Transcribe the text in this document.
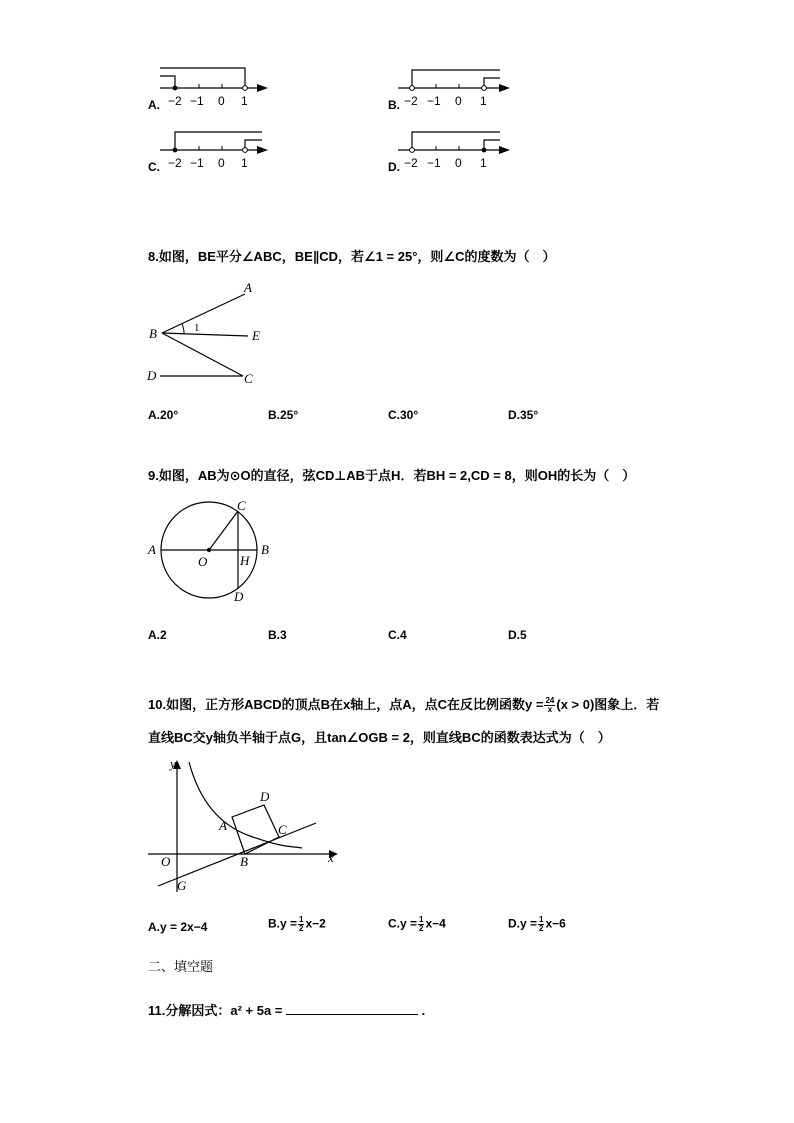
−2 −1 0 1
A.	−2 −1 0 1
B.
−2 −1 0 1
C.	−2 −1 0 1
D.
8.如图，BE平分∠ABC，BE∥CD，若∠1 = 25°，则∠C的度数为（　）
A
B	E
D	C
1
A.20°	B.25°	C.30°	D.35°
9.如图，AB为⊙O的直径，弦CD⊥AB于点H．若BH = 2,CD = 8，则OH的长为（　）
C
A	B
O	H
D
A.2	B.3	C.4	D.5
10.如图，正方形ABCD的顶点B在x轴上，点A，点C在反比例函数$y = \frac{24}{x} (x > 0)$图象上．若
直线BC交y轴负半轴于点G，且tan∠OGB = 2，则直线BC的函数表达式为（　）
y
x
O
A
B
C
D
G
A.y = 2x−4	$B.y = \frac{1}{2} x-2$	$C.y = \frac{1}{2} x-4$	$D.y = \frac{1}{2} x-6$
二、填空题
11.分解因式：a² + 5a =	.
